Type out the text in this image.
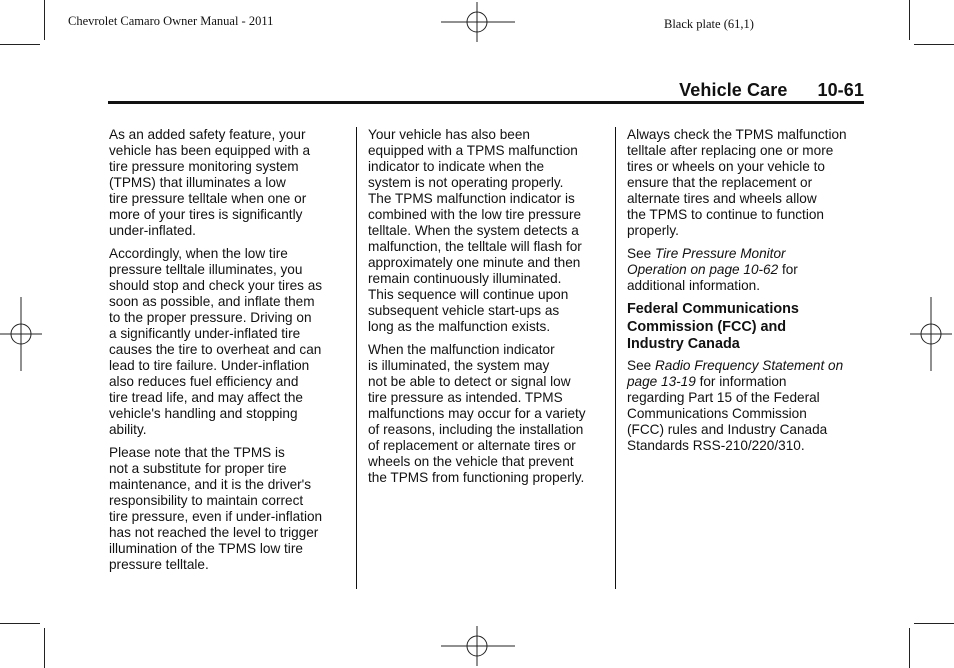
Chevrolet Camaro Owner Manual - 2011	Black plate (61,1)
Vehicle Care 10-61

As an added safety feature, your
vehicle has been equipped with a
tire pressure monitoring system
(TPMS) that illuminates a low
tire pressure telltale when one or
more of your tires is significantly
under-inflated.

Accordingly, when the low tire
pressure telltale illuminates, you
should stop and check your tires as
soon as possible, and inflate them
to the proper pressure. Driving on
a significantly under-inflated tire
causes the tire to overheat and can
lead to tire failure. Under-inflation
also reduces fuel efficiency and
tire tread life, and may affect the
vehicle's handling and stopping
ability.

Please note that the TPMS is
not a substitute for proper tire
maintenance, and it is the driver's
responsibility to maintain correct
tire pressure, even if under-inflation
has not reached the level to trigger
illumination of the TPMS low tire
pressure telltale.

Your vehicle has also been
equipped with a TPMS malfunction
indicator to indicate when the
system is not operating properly.
The TPMS malfunction indicator is
combined with the low tire pressure
telltale. When the system detects a
malfunction, the telltale will flash for
approximately one minute and then
remain continuously illuminated.
This sequence will continue upon
subsequent vehicle start-ups as
long as the malfunction exists.

When the malfunction indicator
is illuminated, the system may
not be able to detect or signal low
tire pressure as intended. TPMS
malfunctions may occur for a variety
of reasons, including the installation
of replacement or alternate tires or
wheels on the vehicle that prevent
the TPMS from functioning properly.

Always check the TPMS malfunction
telltale after replacing one or more
tires or wheels on your vehicle to
ensure that the replacement or
alternate tires and wheels allow
the TPMS to continue to function
properly.

See Tire Pressure Monitor
Operation on page 10-62 for
additional information.

Federal Communications
Commission (FCC) and
Industry Canada

See Radio Frequency Statement on
page 13-19 for information
regarding Part 15 of the Federal
Communications Commission
(FCC) rules and Industry Canada
Standards RSS-210/220/310.
